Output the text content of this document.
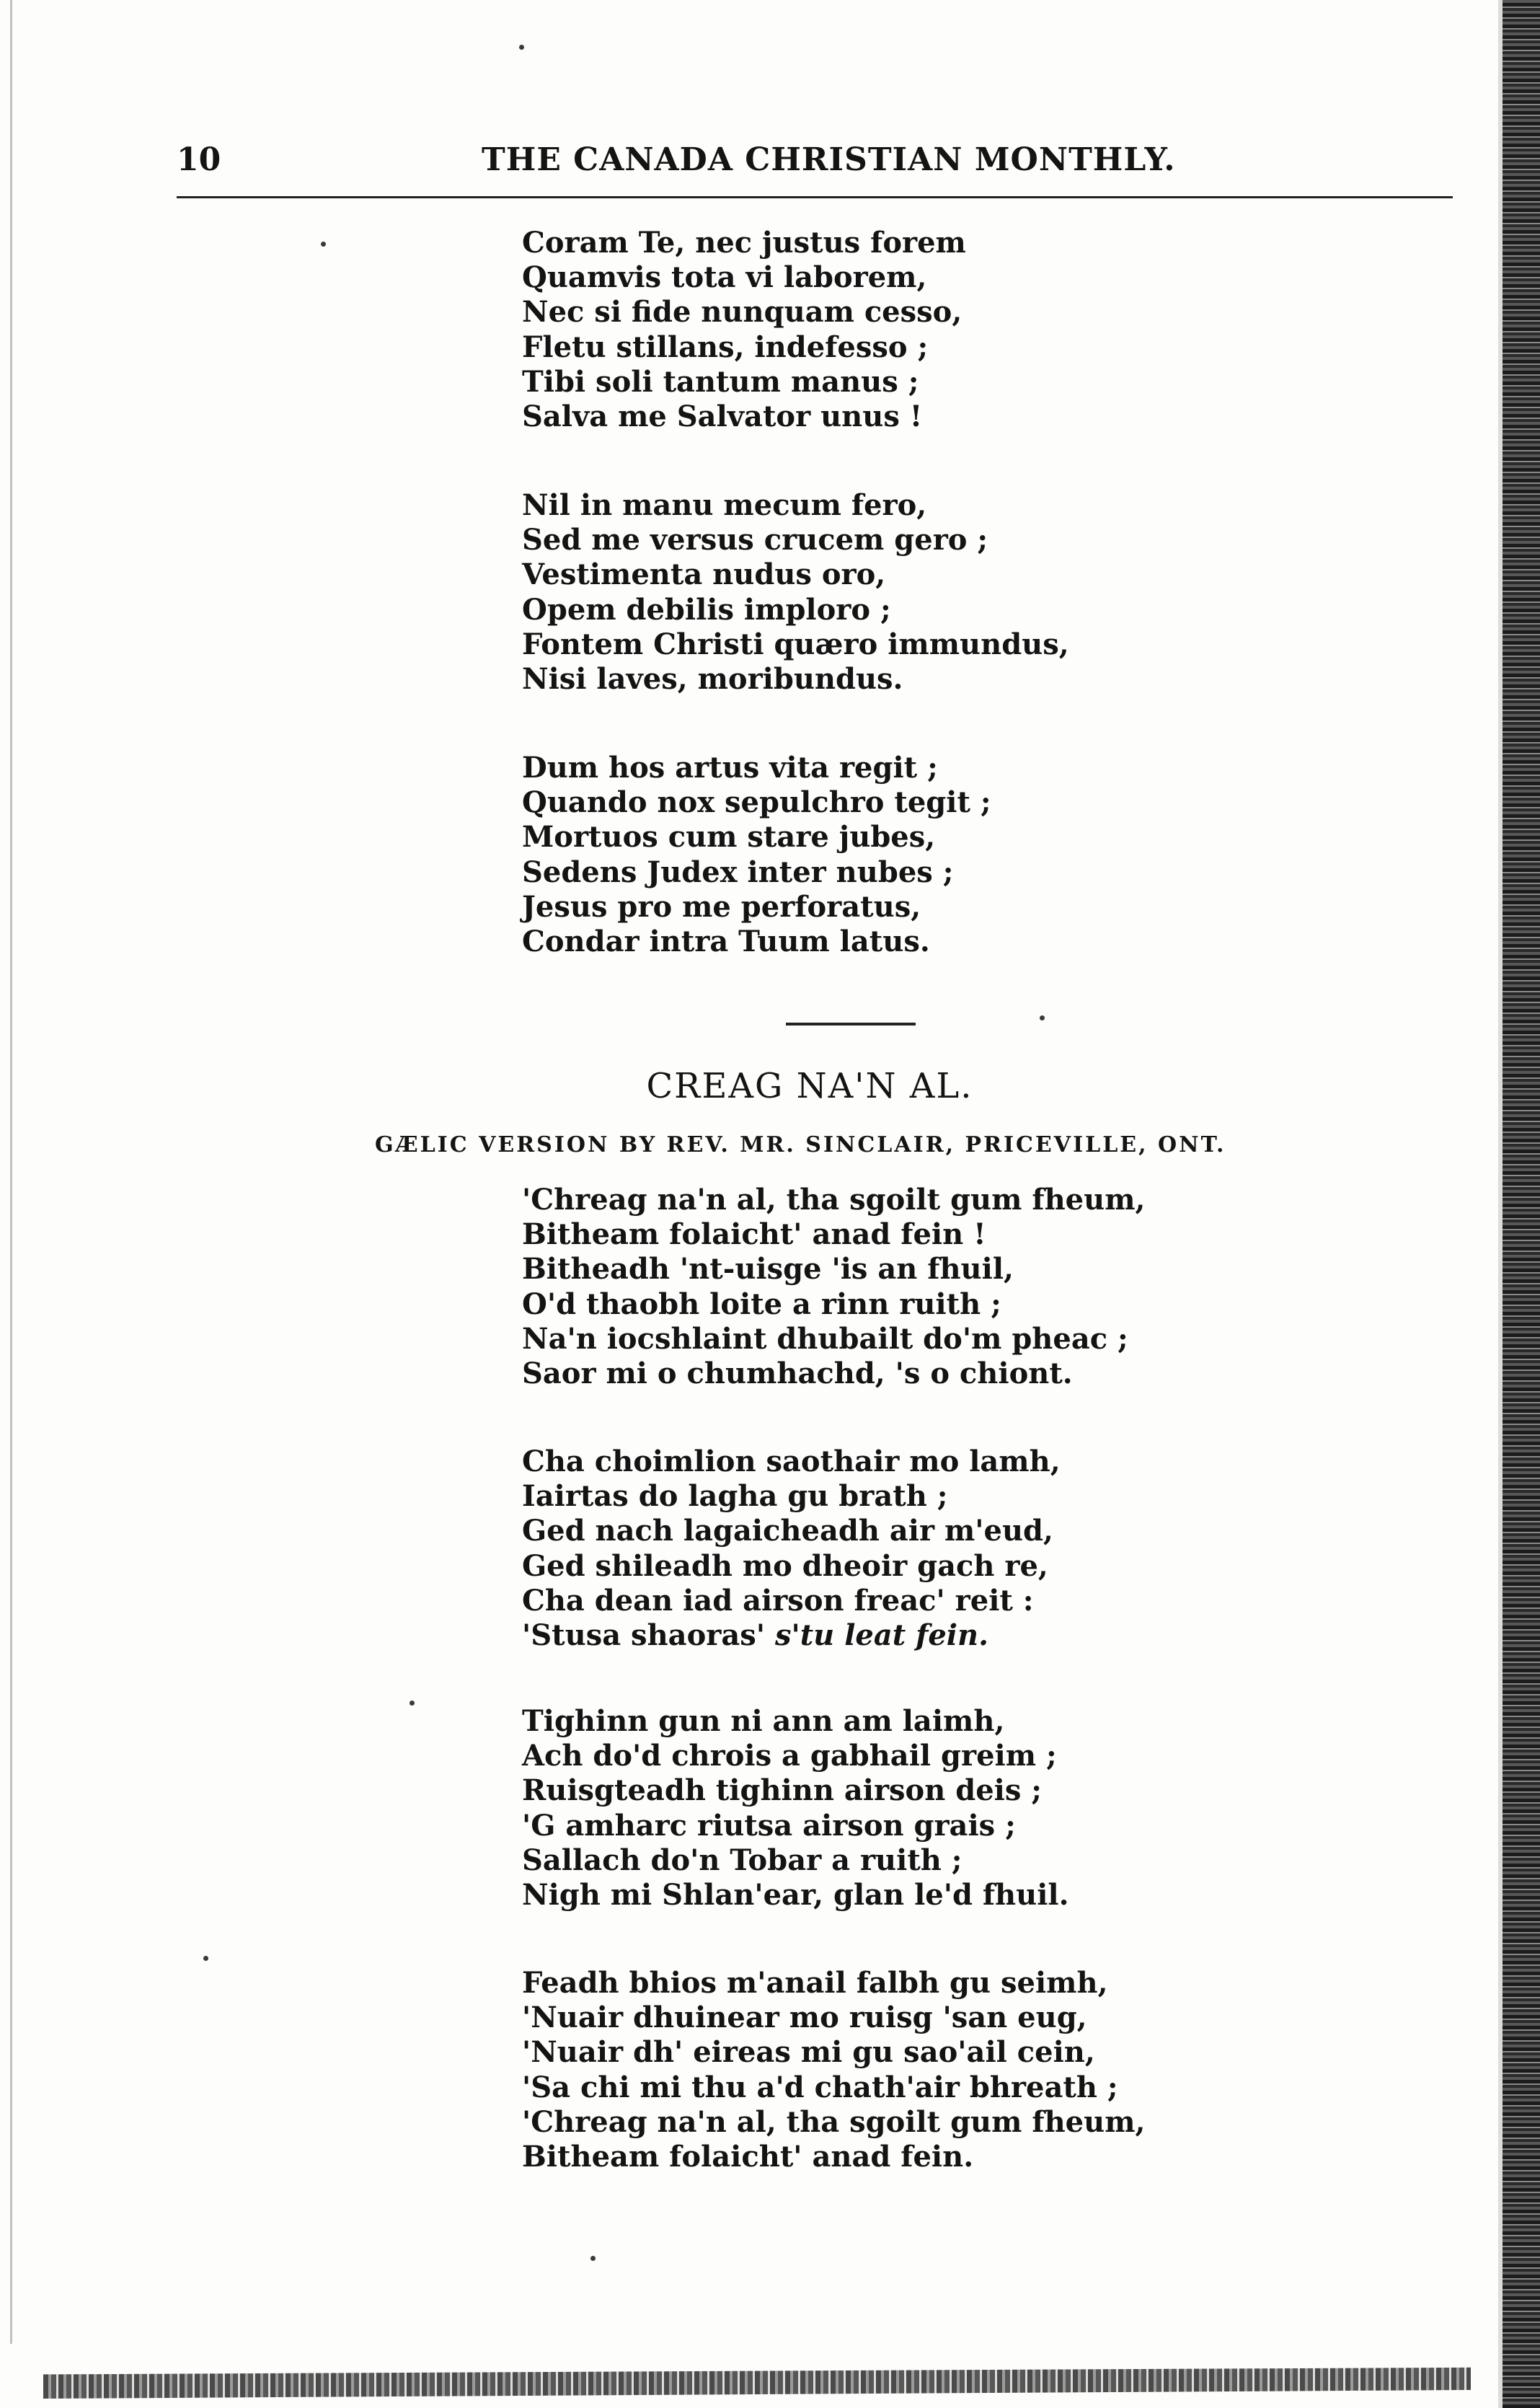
10	THE CANADA CHRISTIAN MONTHLY.
Coram Te, nec justus forem
Quamvis tota vi laborem,
Nec si fide nunquam cesso,
Fletu stillans, indefesso ;
Tibi soli tantum manus ;
Salva me Salvator unus !
Nil in manu mecum fero,
Sed me versus crucem gero ;
Vestimenta nudus oro,
Opem debilis imploro ;
Fontem Christi quæro immundus,
Nisi laves, moribundus.
Dum hos artus vita regit ;
Quando nox sepulchro tegit ;
Mortuos cum stare jubes,
Sedens Judex inter nubes ;
Jesus pro me perforatus,
Condar intra Tuum latus.
CREAG NA'N AL.
GÆLIC VERSION BY REV. MR. SINCLAIR, PRICEVILLE, ONT.
'Chreag na'n al, tha sgoilt gum fheum,
Bitheam folaicht' anad fein !
Bitheadh 'nt-uisge 'is an fhuil,
O'd thaobh loite a rinn ruith ;
Na'n iocshlaint dhubailt do'm pheac ;
Saor mi o chumhachd, 's o chiont.
Cha choimlion saothair mo lamh,
Iairtas do lagha gu brath ;
Ged nach lagaicheadh air m'eud,
Ged shileadh mo dheoir gach re,
Cha dean iad airson freac' reit :
'Stusa shaoras' s'tu leat fein.
Tighinn gun ni ann am laimh,
Ach do'd chrois a gabhail greim ;
Ruisgteadh tighinn airson deis ;
'G amharc riutsa airson grais ;
Sallach do'n Tobar a ruith ;
Nigh mi Shlan'ear, glan le'd fhuil.
Feadh bhios m'anail falbh gu seimh,
'Nuair dhuinear mo ruisg 'san eug,
'Nuair dh' eireas mi gu sao'ail cein,
'Sa chi mi thu a'd chath'air bhreath ;
'Chreag na'n al, tha sgoilt gum fheum,
Bitheam folaicht' anad fein.
